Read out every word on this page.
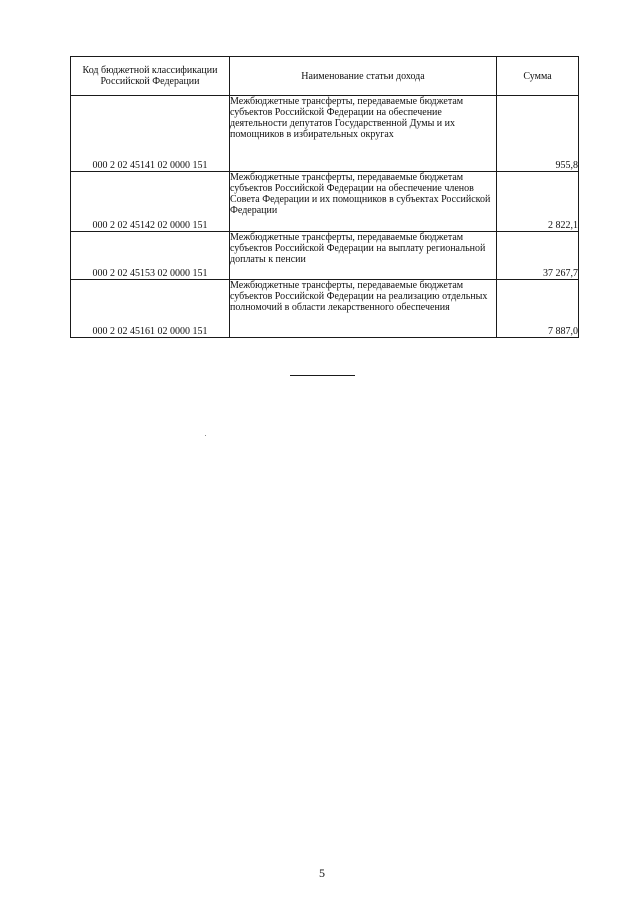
Код бюджетной классификации Российской Федерации	Наименование статьи дохода	Сумма
000 2 02 45141 02 0000 151	Межбюджетные трансферты, передаваемые бюджетам субъектов Российской Федерации на обеспечение деятельности депутатов Государственной Думы и их помощников в избирательных округах	955,8
000 2 02 45142 02 0000 151	Межбюджетные трансферты, передаваемые бюджетам субъектов Российской Федерации на обеспечение членов Совета Федерации и их помощников в субъектах Российской Федерации	2 822,1
000 2 02 45153 02 0000 151	Межбюджетные трансферты, передаваемые бюджетам субъектов Российской Федерации на выплату региональной доплаты к пенсии	37 267,7
000 2 02 45161 02 0000 151	Межбюджетные трансферты, передаваемые бюджетам субъектов Российской Федерации на реализацию отдельных полномочий в области лекарственного обеспечения	7 887,0
5
